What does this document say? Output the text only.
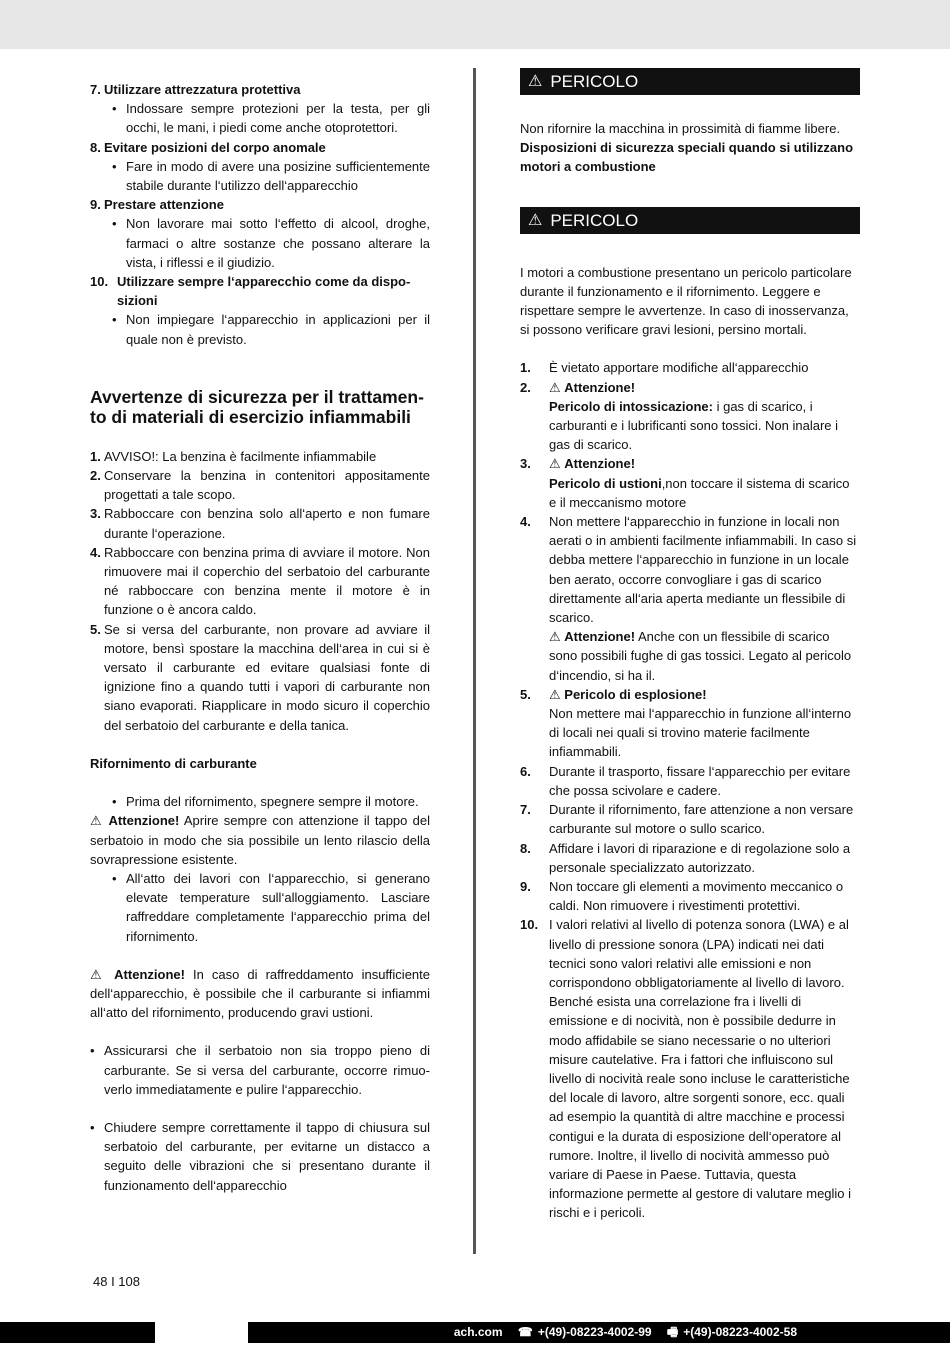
7. Utilizzare attrezzatura protettiva
• Indossare sempre protezioni per la testa, per gli occhi, le mani, i piedi come anche otoprotettori.
8. Evitare posizioni del corpo anomale
• Fare in modo di avere una posizine sufficientemente stabile durante l‘utilizzo dell‘apparecchio
9. Prestare attenzione
• Non lavorare mai sotto l‘effetto di alcool, droghe, farmaci o altre sostanze che possano alterare la vista, i riflessi e il giudizio.
10. Utilizzare sempre l‘apparecchio come da disposizioni
• Non impiegare l‘apparecchio in applicazioni per il quale non è previsto.
Avvertenze di sicurezza per il trattamento di materiali di esercizio infiammabili
1. AVVISO!: La benzina è facilmente infiammabile
2. Conservare la benzina in contenitori appositamente progettati a tale scopo.
3. Rabboccare con benzina solo all‘aperto e non fumare durante l‘operazione.
4. Rabboccare con benzina prima di avviare il motore. Non rimuovere mai il coperchio del serbatoio del carburante né rabboccare con benzina mente il motore è in funzione o è ancora caldo.
5. Se si versa del carburante, non provare ad avviare il motore, bensì spostare la macchina dell‘area in cui si è versato il carburante ed evitare qualsiasi fonte di ignizione fino a quando tutti i vapori di carburante non siano evaporati. Riapplicare in modo sicuro il coperchio del serbatoio del carburante e della tanica.
Rifornimento di carburante
• Prima del rifornimento, spegnere sempre il motore.
⚠ Attenzione! Aprire sempre con attenzione il tappo del serbatoio in modo che sia possibile un lento rilascio della sovrapressione esistente.
• All‘atto dei lavori con l‘apparecchio, si generano elevate temperature sull‘alloggiamento. Lasciare raffreddare completamente l‘apparecchio prima del rifornimento.
⚠ Attenzione! In caso di raffreddamento insufficiente dell‘apparecchio, è possibile che il carburante si infiammi all‘atto del rifornimento, producendo gravi ustioni.
• Assicurarsi che il serbatoio non sia troppo pieno di carburante. Se si versa del carburante, occorre rimuoverlo immediatamente e pulire l‘apparecchio.
• Chiudere sempre correttamente il tappo di chiusura sul serbatoio del carburante, per evitarne un distacco a seguito delle vibrazioni che si presentano durante il funzionamento dell‘apparecchio
⚠ PERICOLO
Non rifornire la macchina in prossimità di fiamme libere.
Disposizioni di sicurezza speciali quando si utilizzano motori a combustione
⚠ PERICOLO
I motori a combustione presentano un pericolo particolare durante il funzionamento e il rifornimento. Leggere e rispettare sempre le avvertenze. In caso di inosservanza, si possono verificare gravi lesioni, persino mortali.
1.	È vietato apportare modifiche all‘apparecchio
2.	⚠ Attenzione!
Pericolo di intossicazione: i gas di scarico, i carburanti e i lubrificanti sono tossici. Non inalare i gas di scarico.
3.	⚠ Attenzione!
Pericolo di ustioni,non toccare il sistema di scarico e il meccanismo motore
4.	Non mettere l‘apparecchio in funzione in locali non aerati o in ambienti facilmente infiammabili. In caso si debba mettere l‘apparecchio in funzione in un locale ben aerato, occorre convogliare i gas di scarico direttamente all‘aria aperta mediante un flessibile di scarico.
⚠ Attenzione! Anche con un flessibile di scarico sono possibili fughe di gas tossici. Legato al pericolo d‘incendio, si ha il.
5.	⚠ Pericolo di esplosione!
Non mettere mai l‘apparecchio in funzione all‘interno di locali nei quali si trovino materie facilmente infiammabili.
6.	Durante il trasporto, fissare l‘apparecchio per evitare che possa scivolare e cadere.
7.	Durante il rifornimento, fare attenzione a non versare carburante sul motore o sullo scarico.
8.	Affidare i lavori di riparazione e di regolazione solo a personale specializzato autorizzato.
9.	Non toccare gli elementi a movimento meccanico o caldi. Non rimuovere i rivestimenti protettivi.
10. I valori relativi al livello di potenza sonora (LWA) e al livello di pressione sonora (LPA) indicati nei dati tecnici sono valori relativi alle emissioni e non corrispondono obbligatoriamente al livello di lavoro. Benché esista una correlazione fra i livelli di emissione e di nocività, non è possibile dedurre in modo affidabile se siano necessarie o no ulteriori misure cautelative. Fra i fattori che influiscono sul livello di nocività reale sono incluse le caratteristiche del locale di lavoro, altre sorgenti sonore, ecc. quali ad esempio la quantità di altre macchine e processi contigui e la durata di esposizione dell‘operatore al rumore. Inoltre, il livello di nocività ammesso può variare di Paese in Paese. Tuttavia, questa informazione permette al gestore di valutare meglio i rischi e i pericoli.
48 I 108
ach.com ☎ +(49)-08223-4002-99 🖷 +(49)-08223-4002-58
